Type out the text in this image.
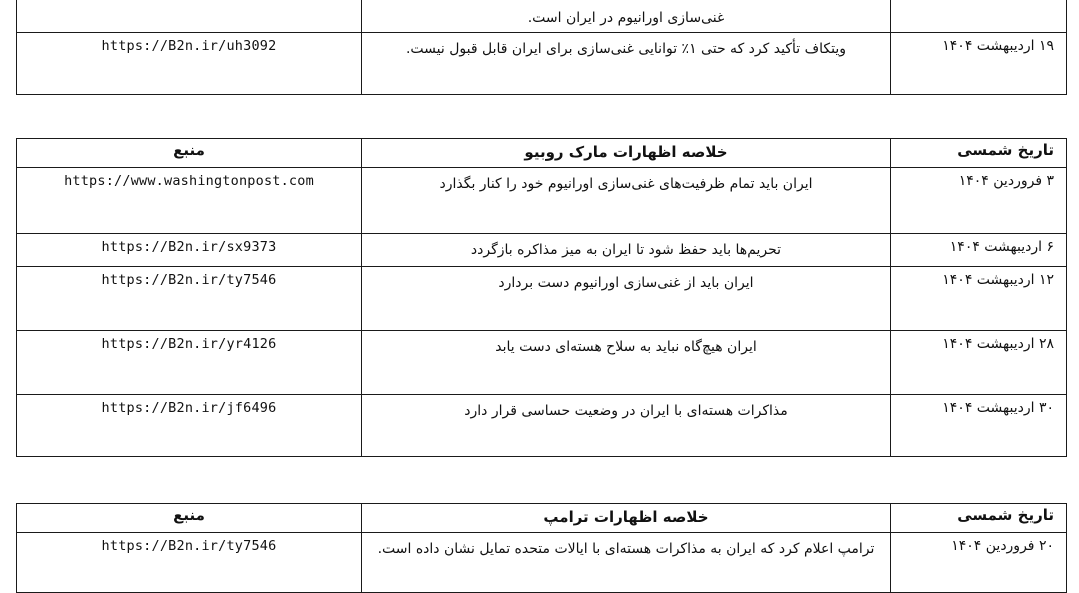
	غنی‌سازی اورانیوم در ایران است.	
https://B2n.ir/uh3092	ویتکاف تأکید کرد که حتی ۱٪ توانایی غنی‌سازی برای ایران قابل قبول نیست.	۱۹ اردیبهشت ۱۴۰۴
منبع	خلاصه اظهارات مارک روبیو	تاریخ شمسی
https://www.washingtonpost.com	ایران باید تمام ظرفیت‌های غنی‌سازی اورانیوم خود را کنار بگذارد	۳ فروردین ۱۴۰۴
https://B2n.ir/sx9373	تحریم‌ها باید حفظ شود تا ایران به میز مذاکره بازگردد	۶ اردیبهشت ۱۴۰۴
https://B2n.ir/ty7546	ایران باید از غنی‌سازی اورانیوم دست بردارد	۱۲ اردیبهشت ۱۴۰۴
https://B2n.ir/yr4126	ایران هیچ‌گاه نباید به سلاح هسته‌ای دست یابد	۲۸ اردیبهشت ۱۴۰۴
https://B2n.ir/jf6496	مذاکرات هسته‌ای با ایران در وضعیت حساسی قرار دارد	۳۰ اردیبهشت ۱۴۰۴
منبع	خلاصه اظهارات ترامپ	تاریخ شمسی
https://B2n.ir/ty7546	ترامپ اعلام کرد که ایران به مذاکرات هسته‌ای با ایالات متحده تمایل نشان داده است.	۲۰ فروردین ۱۴۰۴
